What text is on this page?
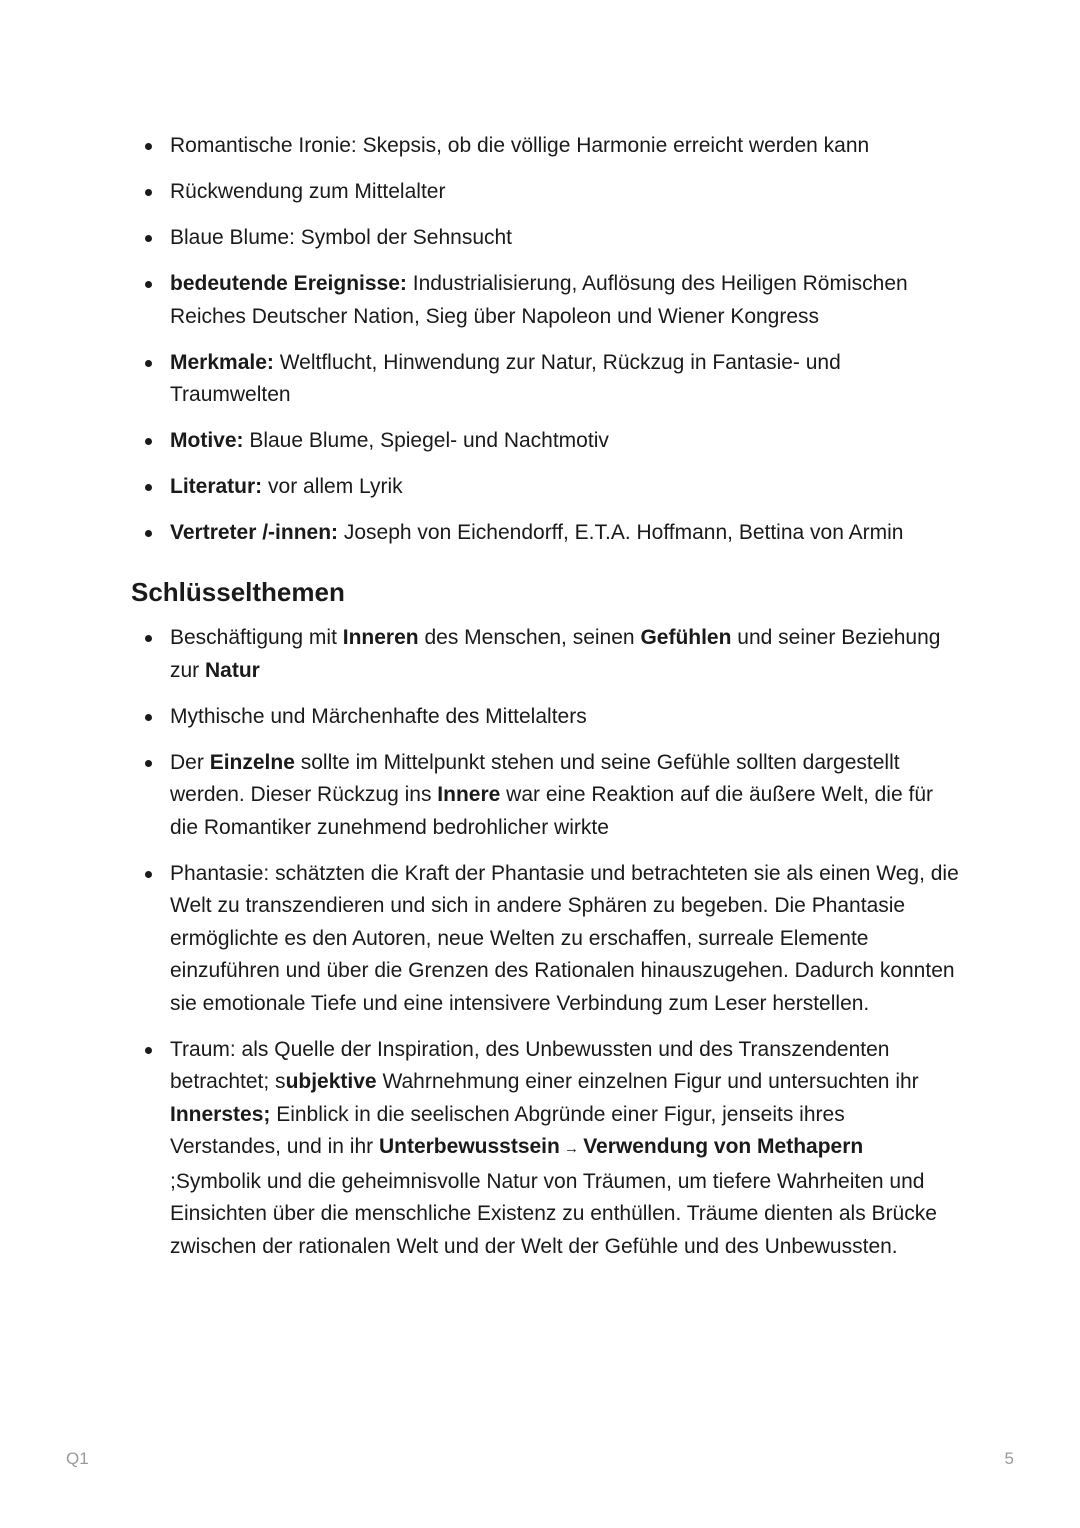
Romantische Ironie: Skepsis, ob die völlige Harmonie erreicht werden kann
Rückwendung zum Mittelalter
Blaue Blume: Symbol der Sehnsucht
bedeutende Ereignisse: Industrialisierung, Auflösung des Heiligen Römischen Reiches Deutscher Nation, Sieg über Napoleon und Wiener Kongress
Merkmale: Weltflucht, Hinwendung zur Natur, Rückzug in Fantasie- und Traumwelten
Motive: Blaue Blume, Spiegel- und Nachtmotiv
Literatur: vor allem Lyrik
Vertreter /-innen: Joseph von Eichendorff, E.T.A. Hoffmann, Bettina von Armin
Schlüsselthemen
Beschäftigung mit Inneren des Menschen, seinen Gefühlen und seiner Beziehung zur Natur
Mythische und Märchenhafte des Mittelalters
Der Einzelne sollte im Mittelpunkt stehen und seine Gefühle sollten dargestellt werden. Dieser Rückzug ins Innere war eine Reaktion auf die äußere Welt, die für die Romantiker zunehmend bedrohlicher wirkte
Phantasie: schätzten die Kraft der Phantasie und betrachteten sie als einen Weg, die Welt zu transzendieren und sich in andere Sphären zu begeben. Die Phantasie ermöglichte es den Autoren, neue Welten zu erschaffen, surreale Elemente einzuführen und über die Grenzen des Rationalen hinauszugehen. Dadurch konnten sie emotionale Tiefe und eine intensivere Verbindung zum Leser herstellen.
Traum: als Quelle der Inspiration, des Unbewussten und des Transzendenten betrachtet; subjektive Wahrnehmung einer einzelnen Figur und untersuchten ihr Innerstes; Einblick in die seelischen Abgründe einer Figur, jenseits ihres Verstandes, und in ihr Unterbewusstsein → Verwendung von Methapern ;Symbolik und die geheimnisvolle Natur von Träumen, um tiefere Wahrheiten und Einsichten über die menschliche Existenz zu enthüllen. Träume dienten als Brücke zwischen der rationalen Welt und der Welt der Gefühle und des Unbewussten.
Q1	5
